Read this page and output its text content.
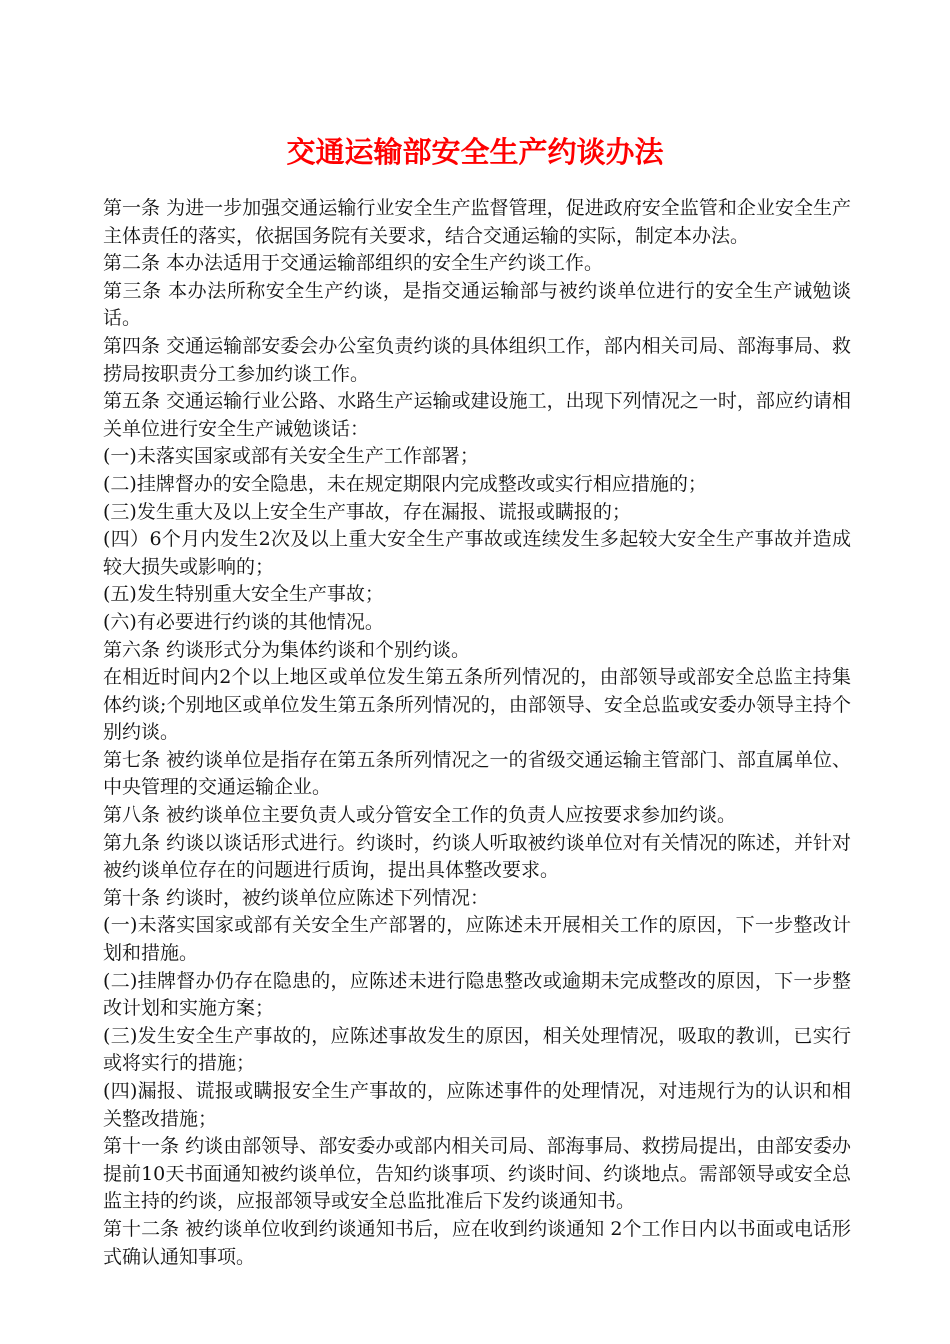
交通运输部安全生产约谈办法

第一条 为进一步加强交通运输行业安全生产监督管理，促进政府安全监管和企业安全生产主体责任的落实，依据国务院有关要求，结合交通运输的实际，制定本办法。

第二条 本办法适用于交通运输部组织的安全生产约谈工作。

第三条 本办法所称安全生产约谈，是指交通运输部与被约谈单位进行的安全生产诫勉谈话。

第四条 交通运输部安委会办公室负责约谈的具体组织工作，部内相关司局、部海事局、救捞局按职责分工参加约谈工作。

第五条 交通运输行业公路、水路生产运输或建设施工，出现下列情况之一时，部应约请相关单位进行安全生产诫勉谈话：

(一)未落实国家或部有关安全生产工作部署；

(二)挂牌督办的安全隐患，未在规定期限内完成整改或实行相应措施的；

(三)发生重大及以上安全生产事故，存在漏报、谎报或瞒报的；

(四）6个月内发生2次及以上重大安全生产事故或连续发生多起较大安全生产事故并造成较大损失或影响的；

(五)发生特别重大安全生产事故；

(六)有必要进行约谈的其他情况。

第六条 约谈形式分为集体约谈和个别约谈。

在相近时间内2个以上地区或单位发生第五条所列情况的，由部领导或部安全总监主持集体约谈;个别地区或单位发生第五条所列情况的，由部领导、安全总监或安委办领导主持个别约谈。

第七条 被约谈单位是指存在第五条所列情况之一的省级交通运输主管部门、部直属单位、中央管理的交通运输企业。

第八条 被约谈单位主要负责人或分管安全工作的负责人应按要求参加约谈。

第九条 约谈以谈话形式进行。约谈时，约谈人听取被约谈单位对有关情况的陈述，并针对被约谈单位存在的问题进行质询，提出具体整改要求。

第十条 约谈时，被约谈单位应陈述下列情况：

(一)未落实国家或部有关安全生产部署的，应陈述未开展相关工作的原因，下一步整改计划和措施。

(二)挂牌督办仍存在隐患的，应陈述未进行隐患整改或逾期未完成整改的原因，下一步整改计划和实施方案；

(三)发生安全生产事故的，应陈述事故发生的原因，相关处理情况，吸取的教训，已实行或将实行的措施；

(四)漏报、谎报或瞒报安全生产事故的，应陈述事件的处理情况，对违规行为的认识和相关整改措施；

第十一条 约谈由部领导、部安委办或部内相关司局、部海事局、救捞局提出，由部安委办提前10天书面通知被约谈单位，告知约谈事项、约谈时间、约谈地点。需部领导或安全总监主持的约谈，应报部领导或安全总监批准后下发约谈通知书。

第十二条 被约谈单位收到约谈通知书后，应在收到约谈通知 2个工作日内以书面或电话形式确认通知事项。
